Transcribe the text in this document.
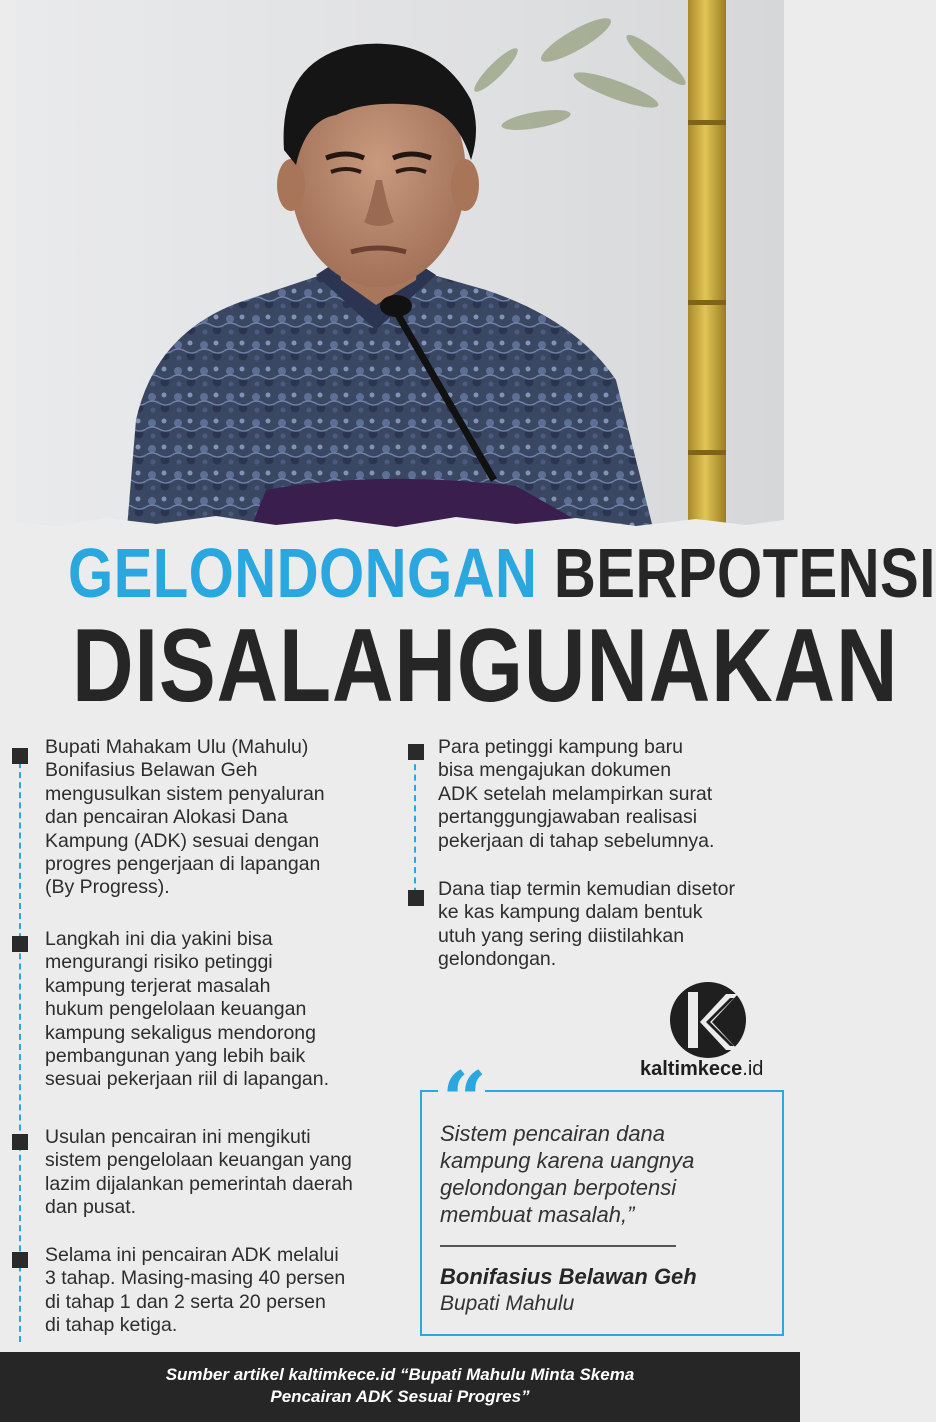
GELONDONGAN BERPOTENSI
DISALAHGUNAKAN
Bupati Mahakam Ulu (Mahulu)
Bonifasius Belawan Geh
mengusulkan sistem penyaluran
dan pencairan Alokasi Dana
Kampung (ADK) sesuai dengan
progres pengerjaan di lapangan
(By Progress).
Langkah ini dia yakini bisa
mengurangi risiko petinggi
kampung terjerat masalah
hukum pengelolaan keuangan
kampung sekaligus mendorong
pembangunan yang lebih baik
sesuai pekerjaan riil di lapangan.
Usulan pencairan ini mengikuti
sistem pengelolaan keuangan yang
lazim dijalankan pemerintah daerah
dan pusat.
Selama ini pencairan ADK melalui
3 tahap. Masing-masing 40 persen
di tahap 1 dan 2 serta 20 persen
di tahap ketiga.
Para petinggi kampung baru
bisa mengajukan dokumen
ADK setelah melampirkan surat
pertanggungjawaban realisasi
pekerjaan di tahap sebelumnya.
Dana tiap termin kemudian disetor
ke kas kampung dalam bentuk
utuh yang sering diistilahkan
gelondongan.
kaltimkece.id
“
Sistem pencairan dana
kampung karena uangnya
gelondongan berpotensi
membuat masalah,”
Bonifasius Belawan Geh
Bupati Mahulu
Sumber artikel kaltimkece.id “Bupati Mahulu Minta Skema
Pencairan ADK Sesuai Progres”
